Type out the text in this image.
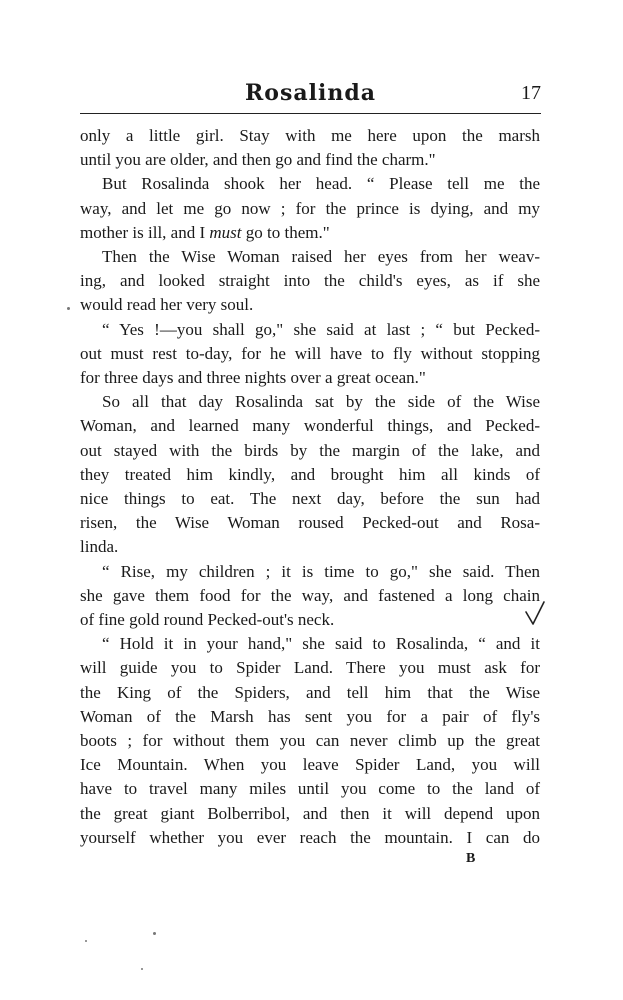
Rosalinda	17
only a little girl. Stay with me here upon the marsh
until you are older, and then go and find the charm."
But Rosalinda shook her head. “ Please tell me the
way, and let me go now ; for the prince is dying, and my
mother is ill, and I must go to them."
Then the Wise Woman raised her eyes from her weav-
ing, and looked straight into the child's eyes, as if she
would read her very soul.
“ Yes !—you shall go," she said at last ; “ but Pecked-
out must rest to-day, for he will have to fly without stopping
for three days and three nights over a great ocean."
So all that day Rosalinda sat by the side of the Wise
Woman, and learned many wonderful things, and Pecked-
out stayed with the birds by the margin of the lake, and
they treated him kindly, and brought him all kinds of
nice things to eat. The next day, before the sun had
risen, the Wise Woman roused Pecked-out and Rosa-
linda.
“ Rise, my children ; it is time to go," she said. Then
she gave them food for the way, and fastened a long chain
of fine gold round Pecked-out's neck.
“ Hold it in your hand," she said to Rosalinda, “ and it
will guide you to Spider Land. There you must ask for
the King of the Spiders, and tell him that the Wise
Woman of the Marsh has sent you for a pair of fly's
boots ; for without them you can never climb up the great
Ice Mountain. When you leave Spider Land, you will
have to travel many miles until you come to the land of
the great giant Bolberribol, and then it will depend upon
yourself whether you ever reach the mountain. I can do
B
